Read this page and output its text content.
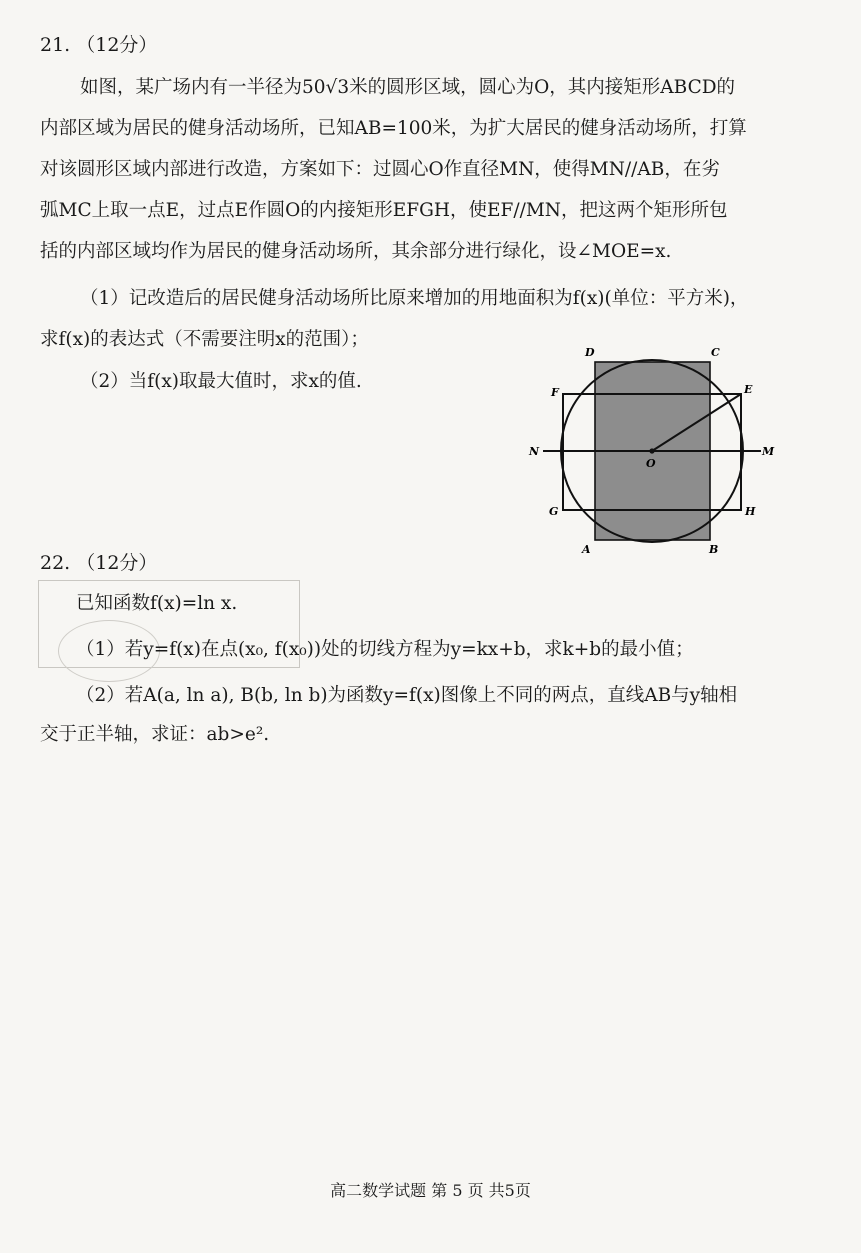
21. （12分）
如图，某广场内有一半径为50√3米的圆形区域，圆心为O，其内接矩形ABCD的
内部区域为居民的健身活动场所，已知AB=100米，为扩大居民的健身活动场所，打算
对该圆形区域内部进行改造，方案如下：过圆心O作直径MN，使得MN//AB，在劣
弧MC上取一点E，过点E作圆O的内接矩形EFGH，使EF//MN，把这两个矩形所包
括的内部区域均作为居民的健身活动场所，其余部分进行绿化，设∠MOE=x.
（1）记改造后的居民健身活动场所比原来增加的用地面积为f(x)(单位：平方米)，
求f(x)的表达式（不需要注明x的范围）；
（2）当f(x)取最大值时，求x的值.
D	C
F	E
N	M
O
G	H
A	B
22. （12分）
已知函数f(x)=ln x.
（1）若y=f(x)在点(x₀, f(x₀))处的切线方程为y=kx+b，求k+b的最小值；
（2）若A(a, ln a), B(b, ln b)为函数y=f(x)图像上不同的两点，直线AB与y轴相
交于正半轴，求证：ab>e².
高二数学试题 第 5 页 共5页
